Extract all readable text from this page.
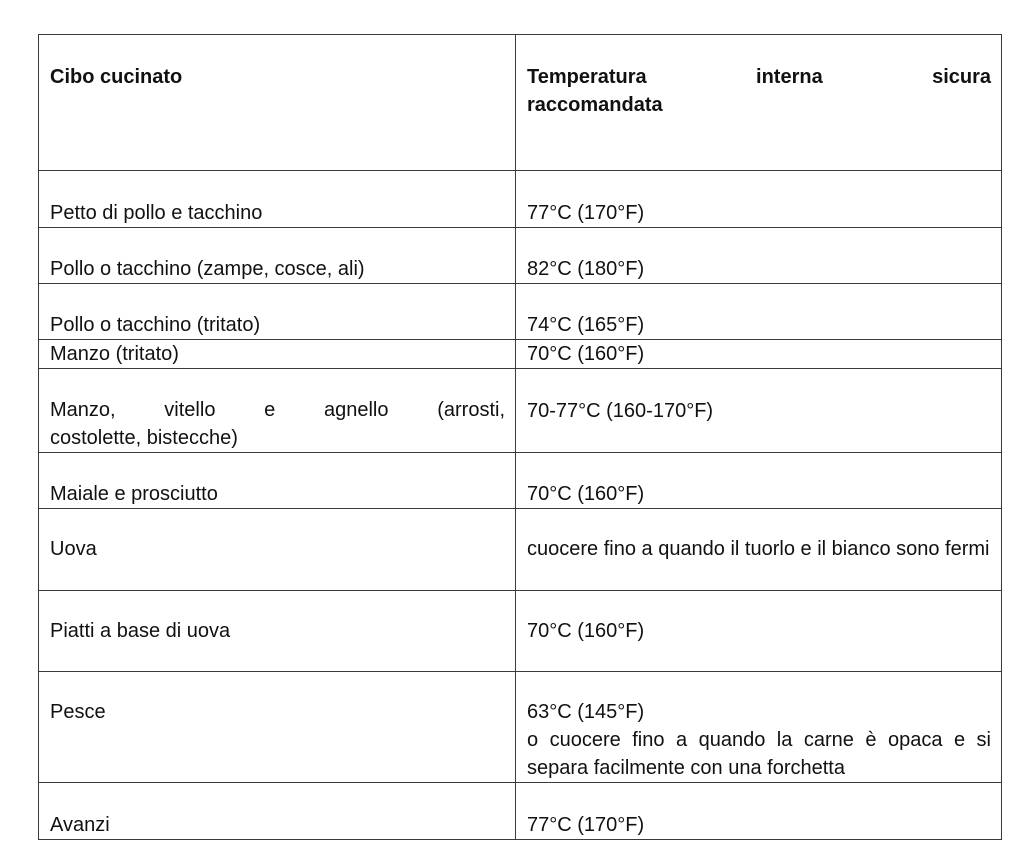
Cibo cucinato	Temperatura interna sicura
raccomandata

Petto di pollo e tacchino	77°C (170°F)
Pollo o tacchino (zampe, cosce, ali)	82°C (180°F)
Pollo o tacchino (tritato)	74°C (165°F)
Manzo (tritato)	70°C (160°F)

Manzo, vitello e agnello (arrosti,
costolette, bistecche)	70-77°C (160-170°F)
Maiale e prosciutto	70°C (160°F)
Uova	cuocere fino a quando il tuorlo e il bianco sono fermi
Piatti a base di uova	70°C (160°F)
Pesce	63°C (145°F)
o cuocere fino a quando la carne è opaca e si separa facilmente con una forchetta

Avanzi	77°C (170°F)
